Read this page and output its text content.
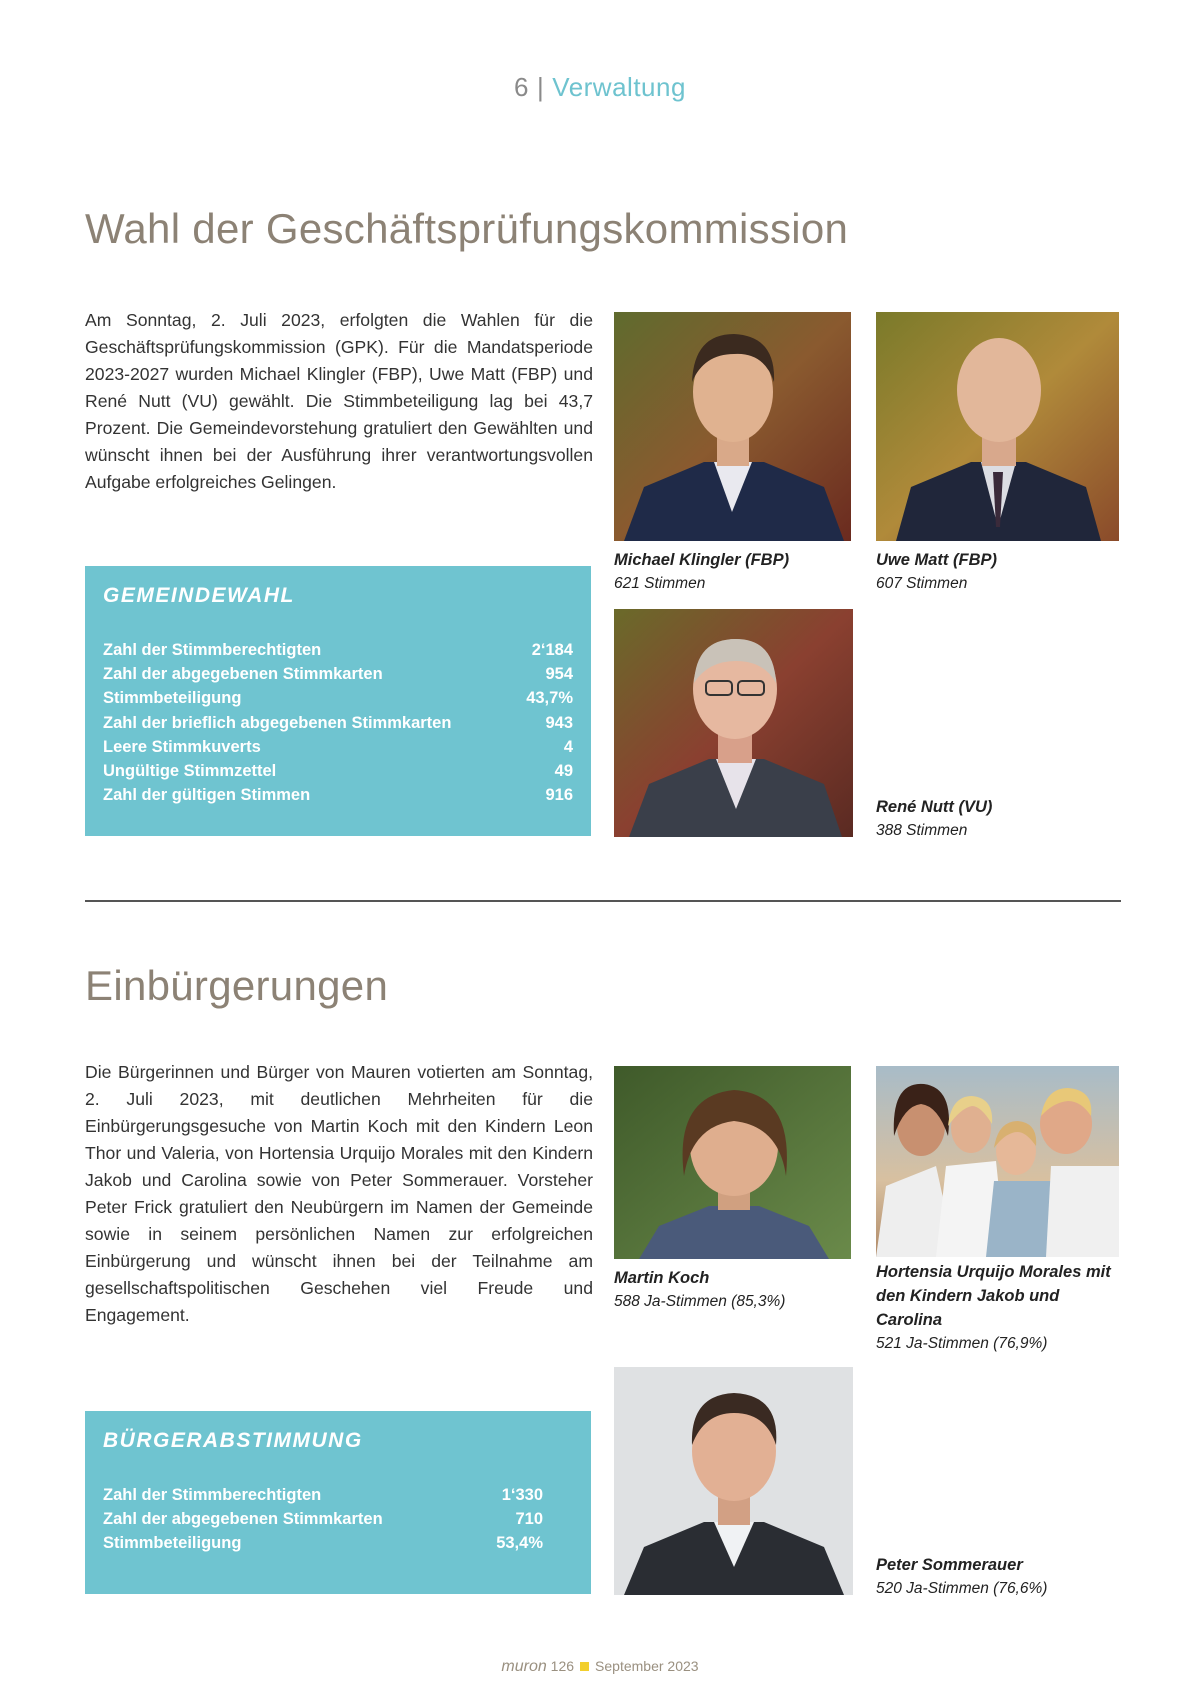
6 | Verwaltung
Wahl der Geschäftsprüfungskommission

Am Sonntag, 2. Juli 2023, erfolgten die Wahlen für die Geschäftsprüfungskommission (GPK). Für die Mandatsperiode 2023-2027 wurden Michael Klingler (FBP), Uwe Matt (FBP) und René Nutt (VU) gewählt. Die Stimmbeteiligung lag bei 43,7 Prozent. Die Gemeindevorstehung gratuliert den Gewählten und wünscht ihnen bei der Ausführung ihrer verantwortungsvollen Aufgabe erfolgreiches Gelingen.

GEMEINDEWAHL
Zahl der Stimmberechtigten	2‘184
Zahl der abgegebenen Stimmkarten	954
Stimmbeteiligung	43,7%
Zahl der brieflich abgegebenen Stimmkarten	943
Leere Stimmkuverts	4
Ungültige Stimmzettel	49
Zahl der gültigen Stimmen	916
Michael Klingler (FBP)
621 Stimmen
Uwe Matt (FBP)
607 Stimmen
René Nutt (VU)
388 Stimmen
Einbürgerungen

Die Bürgerinnen und Bürger von Mauren votierten am Sonntag, 2. Juli 2023, mit deutlichen Mehrheiten für die Einbürgerungsgesuche von Martin Koch mit den Kindern Leon Thor und Valeria, von Hortensia Urquijo Morales mit den Kindern Jakob und Carolina sowie von Peter Sommerauer. Vorsteher Peter Frick gratuliert den Neubürgern im Namen der Gemeinde sowie in seinem persönlichen Namen zur erfolgreichen Einbürgerung und wünscht ihnen bei der Teilnahme am gesellschaftspolitischen Geschehen viel Freude und Engagement.

BÜRGERABSTIMMUNG
Zahl der Stimmberechtigten	1‘330
Zahl der abgegebenen Stimmkarten	710
Stimmbeteiligung	53,4%
Martin Koch
588 Ja-Stimmen (85,3%)
Hortensia Urquijo Morales mit den Kindern Jakob und Carolina
521 Ja-Stimmen (76,9%)
Peter Sommerauer
520 Ja-Stimmen (76,6%)
muron 126 September 2023
